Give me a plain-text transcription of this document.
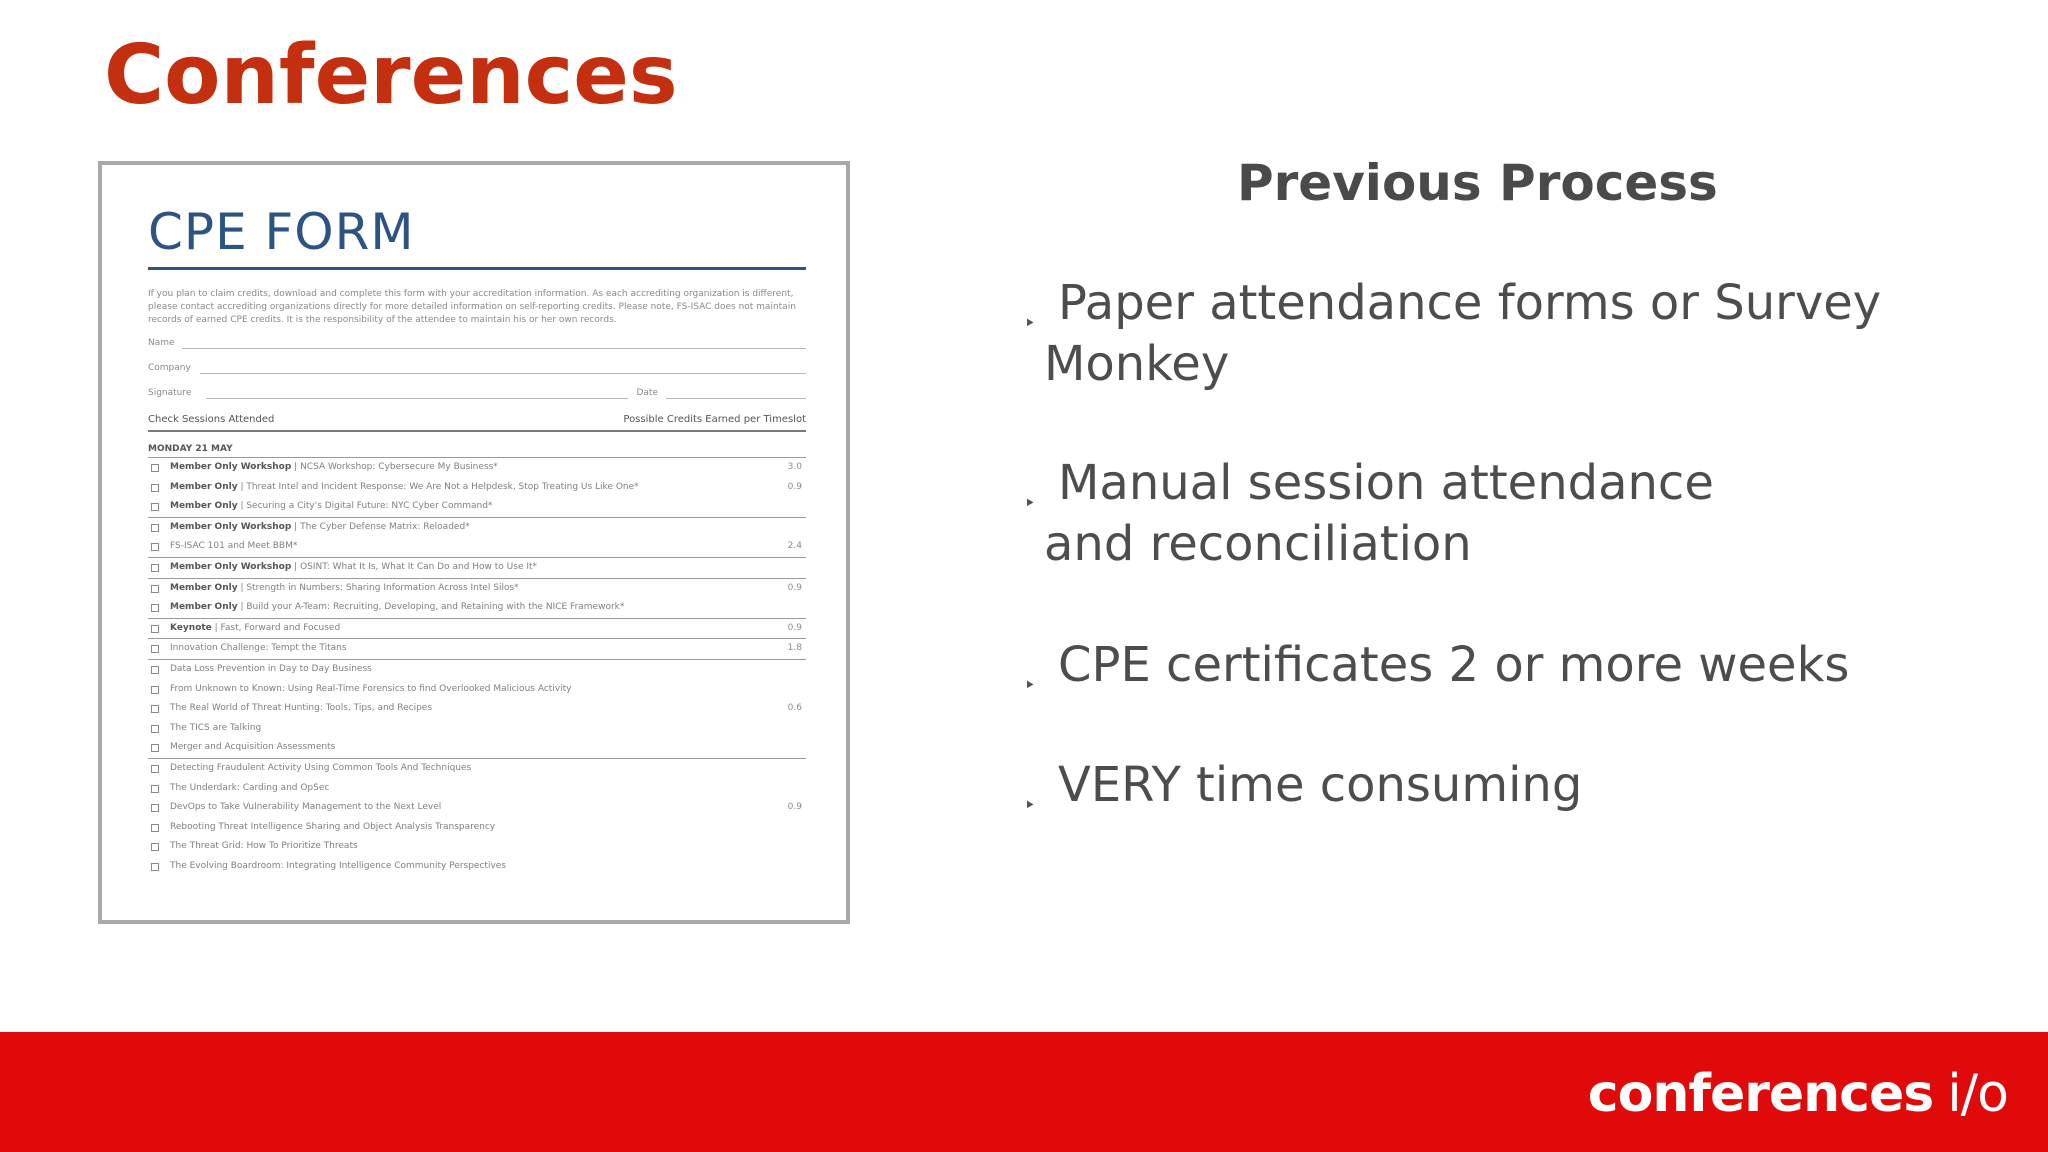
Conferences
CPE FORM
If you plan to claim credits, download and complete this form with your accreditation information. As each accrediting organization is different, please contact accrediting organizations directly for more detailed information on self-reporting credits. Please note, FS-ISAC does not maintain records of earned CPE credits. It is the responsibility of the attendee to maintain his or her own records.
Name
Company
Signature	Date
Check Sessions Attended	Possible Credits Earned per Timeslot
MONDAY 21 MAY
Member Only Workshop | NCSA Workshop: Cybersecure My Business*	3.0
Member Only | Threat Intel and Incident Response: We Are Not a Helpdesk, Stop Treating Us Like One*	0.9
Member Only | Securing a City's Digital Future: NYC Cyber Command*
Member Only Workshop | The Cyber Defense Matrix: Reloaded*
FS-ISAC 101 and Meet BBM*	2.4
Member Only Workshop | OSINT: What It Is, What It Can Do and How to Use It*
Member Only | Strength in Numbers: Sharing Information Across Intel Silos*	0.9
Member Only | Build your A-Team: Recruiting, Developing, and Retaining with the NICE Framework*
Keynote | Fast, Forward and Focused	0.9
Innovation Challenge: Tempt the Titans	1.8
Data Loss Prevention in Day to Day Business
From Unknown to Known: Using Real-Time Forensics to find Overlooked Malicious Activity
The Real World of Threat Hunting: Tools, Tips, and Recipes	0.6
The TICS are Talking
Merger and Acquisition Assessments
Detecting Fraudulent Activity Using Common Tools And Techniques
The Underdark: Carding and OpSec
DevOps to Take Vulnerability Management to the Next Level	0.9
Rebooting Threat Intelligence Sharing and Object Analysis Transparency
The Threat Grid: How To Prioritize Threats
The Evolving Boardroom: Integrating Intelligence Community Perspectives
Previous Process
‣ Paper attendance forms or Survey
Monkey
‣ Manual session attendance
and reconciliation
‣ CPE certificates 2 or more weeks
‣ VERY time consuming
conferences i/o
